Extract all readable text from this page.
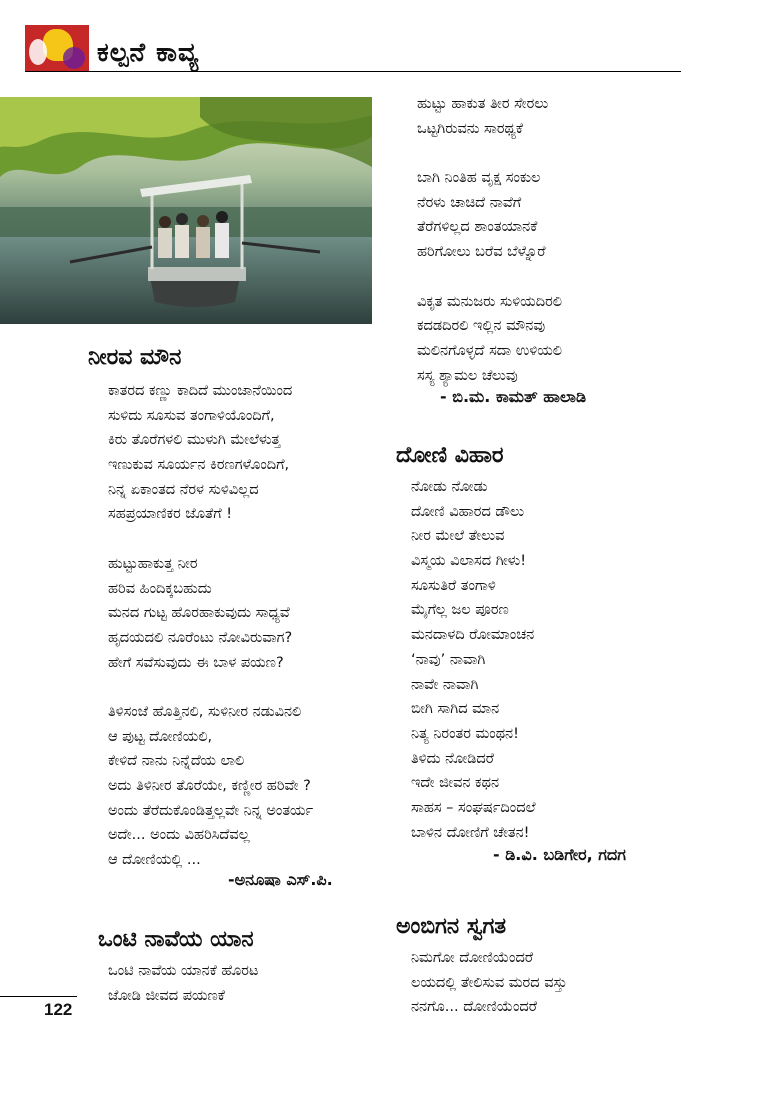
ಕಲ್ಪನೆ ಕಾವ್ಯ
ನೀರವ ಮೌನ
ಕಾತರದ ಕಣ್ಣು ಕಾದಿದೆ ಮುಂಜಾನೆಯಿಂದ
ಸುಳಿದು ಸೂಸುವ ತಂಗಾಳಿಯೊಂದಿಗೆ,
ಕಿರು ತೊರೆಗಳಲಿ ಮುಳುಗಿ ಮೇಲೆಳುತ್ತ
ಇಣುಕುವ ಸೂರ್ಯನ ಕಿರಣಗಳೊಂದಿಗೆ,
ನಿನ್ನ ಏಕಾಂತದ ನೆರಳ ಸುಳಿವಿಲ್ಲದ
ಸಹಪ್ರಯಾಣಿಕರ ಜೊತೆಗೆ !
ಹುಟ್ಟುಹಾಕುತ್ತ ನೀರ
ಹರಿವ ಹಿಂದಿಕ್ಕಬಹುದು
ಮನದ ಗುಟ್ಟ ಹೊರಹಾಕುವುದು ಸಾಧ್ಯವೆ
ಹೃದಯದಲಿ ನೂರೆಂಟು ನೋವಿರುವಾಗ?
ಹೇಗೆ ಸವೆಸುವುದು ಈ ಬಾಳ ಪಯಣ?
ತಿಳಿಸಂಜೆ ಹೊತ್ತಿನಲಿ, ಸುಳಿನೀರ ನಡುವಿನಲಿ
ಆ ಪುಟ್ಟ ದೋಣಿಯಲಿ,
ಕೇಳಿದೆ ನಾನು ನಿನ್ನೆದೆಯ ಲಾಲಿ
ಅದು ತಿಳಿನೀರ ತೊರೆಯೇ, ಕಣ್ಣೀರ ಹರಿವೇ ?
ಅಂದು ತೆರೆದುಕೊಂಡಿತ್ತಲ್ಲವೇ ನಿನ್ನ ಅಂತರ್ಯ
ಅದೇ... ಅಂದು ವಿಹರಿಸಿದೆವಲ್ಲ
ಆ ದೋಣಿಯಲ್ಲಿ ...
-ಅನೂಷಾ ಎಸ್.ಪಿ.
ಒಂಟಿ ನಾವೆಯ ಯಾನ
ಒಂಟಿ ನಾವೆಯ ಯಾನಕೆ ಹೊರಟ
ಜೋಡಿ ಜೀವದ ಪಯಣಕೆ
ಹುಟ್ಟು ಹಾಕುತ ತೀರ ಸೇರಲು
ಒಟ್ಟಗಿರುವನು ಸಾರಥ್ಯಕೆ
ಬಾಗಿ ನಿಂತಿಹ ವೃಕ್ಷ ಸಂಕುಲ
ನೆರಳು ಚಾಚಿದೆ ನಾವೆಗೆ
ತೆರೆಗಳಿಲ್ಲದ ಶಾಂತಯಾನಕೆ
ಹರಿಗೋಲು ಬರೆವ ಬೆಳ್ನೊರೆ
ವಿಕೃತ ಮನುಜರು ಸುಳಿಯದಿರಲಿ
ಕದಡದಿರಲಿ ಇಲ್ಲಿನ ಮೌನವು
ಮಲಿನಗೊಳ್ಳದೆ ಸದಾ ಉಳಿಯಲಿ
ಸಸ್ಯ ಶ್ಯಾಮಲ ಚೆಲುವು
- ಬಿ.ಮ. ಕಾಮತ್ ಹಾಲಾಡಿ
ದೋಣಿ ವಿಹಾರ
ನೋಡು ನೋಡು
ದೋಣಿ ವಿಹಾರದ ಡೌಲು
ನೀರ ಮೇಲೆ ತೇಲುವ
ವಿಸ್ಮಯ ವಿಲಾಸದ ಗೀಳು!
ಸೂಸುತಿರೆ ತಂಗಾಳಿ
ಮೈಗೆಲ್ಲ ಜಲ ಪೂರಣ
ಮನದಾಳದಿ ರೋಮಾಂಚನ
‘ನಾವು’ ನಾವಾಗಿ
ನಾವೇ ನಾವಾಗಿ
ಬೀಗಿ ಸಾಗಿದ ಮಾನ
ನಿತ್ಯ ನಿರಂತರ ಮಂಥನ!
ತಿಳಿದು ನೋಡಿದರೆ
ಇದೇ ಜೀವನ ಕಥನ
ಸಾಹಸ – ಸಂಘರ್ಷದಿಂದಲೆ
ಬಾಳಿನ ದೋಣಿಗೆ ಚೇತನ!
- ಡಿ.ವಿ. ಬಡಿಗೇರ, ಗದಗ
ಅಂಬಿಗನ ಸ್ವಗತ
ನಿಮಗೋ ದೋಣಿಯೆಂದರೆ
ಲಯದಲ್ಲಿ ತೇಲಿಸುವ ಮರದ ವಸ್ತು
ನನಗೊ... ದೋಣಿಯೆಂದರೆ
122
